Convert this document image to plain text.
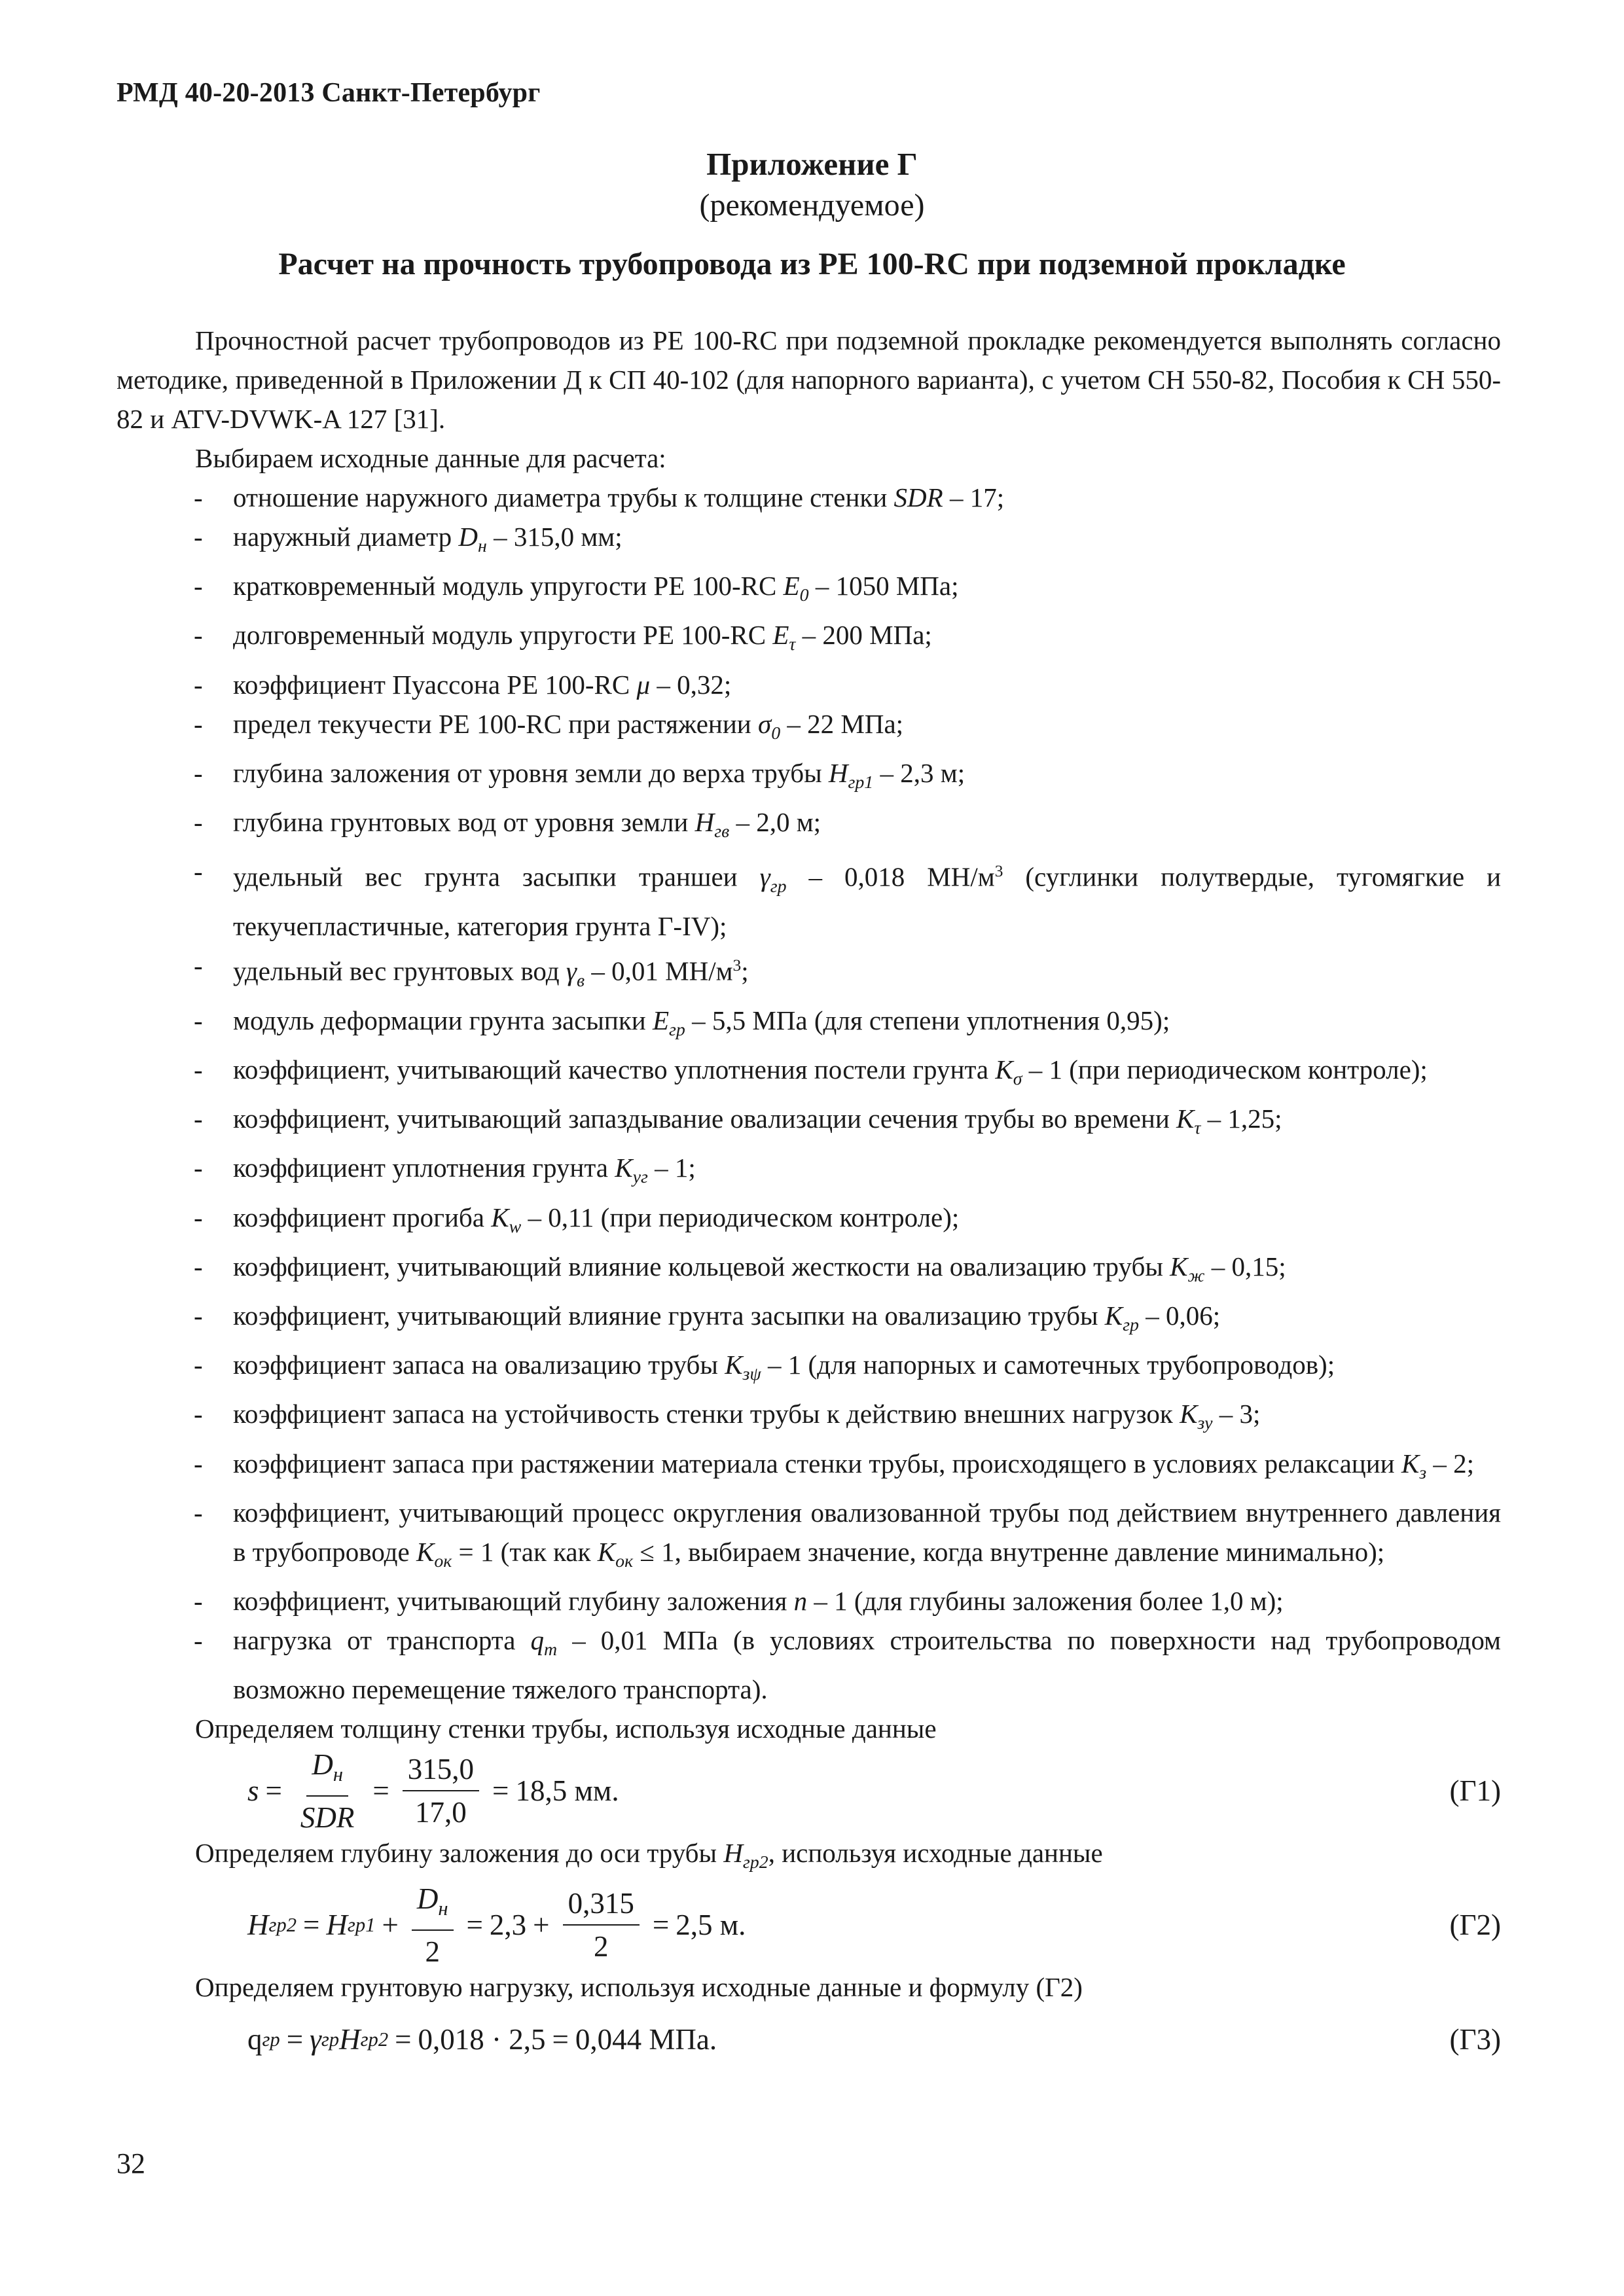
РМД 40-20-2013 Санкт-Петербург
Приложение Г
(рекомендуемое)
Расчет на прочность трубопровода из PE 100-RC при подземной прокладке

Прочностной расчет трубопроводов из PE 100-RC при подземной прокладке рекомендуется выполнять согласно методике, приведенной в Приложении Д к СП 40-102 (для напорного варианта), с учетом СН 550-82, Пособия к СН 550-82 и ATV-DVWK-A 127 [31].

Выбираем исходные данные для расчета:

- отношение наружного диаметра трубы к толщине стенки SDR – 17;
- наружный диаметр $D_н - 315,0$ мм;
- кратковременный модуль упругости PE 100-RC $E_0 - 1050$ МПа;
- долговременный модуль упругости PE 100-RC $E_\tau - 200$ МПа;
- коэффициент Пуассона PE 100-RC μ – 0,32;
- предел текучести PE 100-RC при растяжении $\sigma_0 - 22$ МПа;
- глубина заложения от уровня земли до верха трубы $H_{гр1} - 2,3$ м;
- глубина грунтовых вод от уровня земли $H_{гв} - 2,0$ м;
- удельный вес грунта засыпки траншеи $\gamma_{гр} - 0,018$ $МН/м^3$ (суглинки полутвердые, тугомягкие и текучепластичные, категория грунта Г-IV);
- удельный вес грунтовых вод $\gamma_в - 0,01$ $МН/м^3$;
- модуль деформации грунта засыпки $E_{гр} - 5,5$ МПа (для степени уплотнения 0,95);
- коэффициент, учитывающий качество уплотнения постели грунта $K_\sigma - 1$ (при периодическом контроле);
- коэффициент, учитывающий запаздывание овализации сечения трубы во времени $K_\tau - 1,25$;
- коэффициент уплотнения грунта $K_{уг} - 1$;
- коэффициент прогиба $K_w - 0,11$ (при периодическом контроле);
- коэффициент, учитывающий влияние кольцевой жесткости на овализацию трубы $K_ж - 0,15$;
- коэффициент, учитывающий влияние грунта засыпки на овализацию трубы $K_{гр} - 0,06$;
- коэффициент запаса на овализацию трубы $K_{з\psi} - 1$ (для напорных и самотечных трубопроводов);
- коэффициент запаса на устойчивость стенки трубы к действию внешних нагрузок $K_{зу} - 3$;
- коэффициент запаса при растяжении материала стенки трубы, происходящего в условиях релаксации $K_з - 2$;
- коэффициент, учитывающий процесс округления овализованной трубы под действием внутреннего давления в трубопроводе $K_{ок} = 1$ (так как $K_{ок} \le 1$, выбираем значение, когда внутренне давление минимально);
- коэффициент, учитывающий глубину заложения n – 1 (для глубины заложения более 1,0 м);
- нагрузка от транспорта $q_т - 0,01$ МПа (в условиях строительства по поверхности над трубопроводом возможно перемещение тяжелого транспорта).

Определяем толщину стенки трубы, используя исходные данные

$s = \frac{D_н}{\text{SDR}} = \frac{315,0}{17,0} = 18,5$ мм.	(Г1)

Определяем глубину заложения до оси трубы $H_{гр2}$, используя исходные данные

H гр2 = H $гр1 + \frac{D_н}{2} = 2,3 + \frac{0,315}{2} = 2,5$ м.	(Г2)

Определяем грунтовую нагрузку, используя исходные данные и формулу (Г2)

q гр = γ гр H гр2 = 0,018 · 2,5 = 0,044 МПа.	(Г3)
32
